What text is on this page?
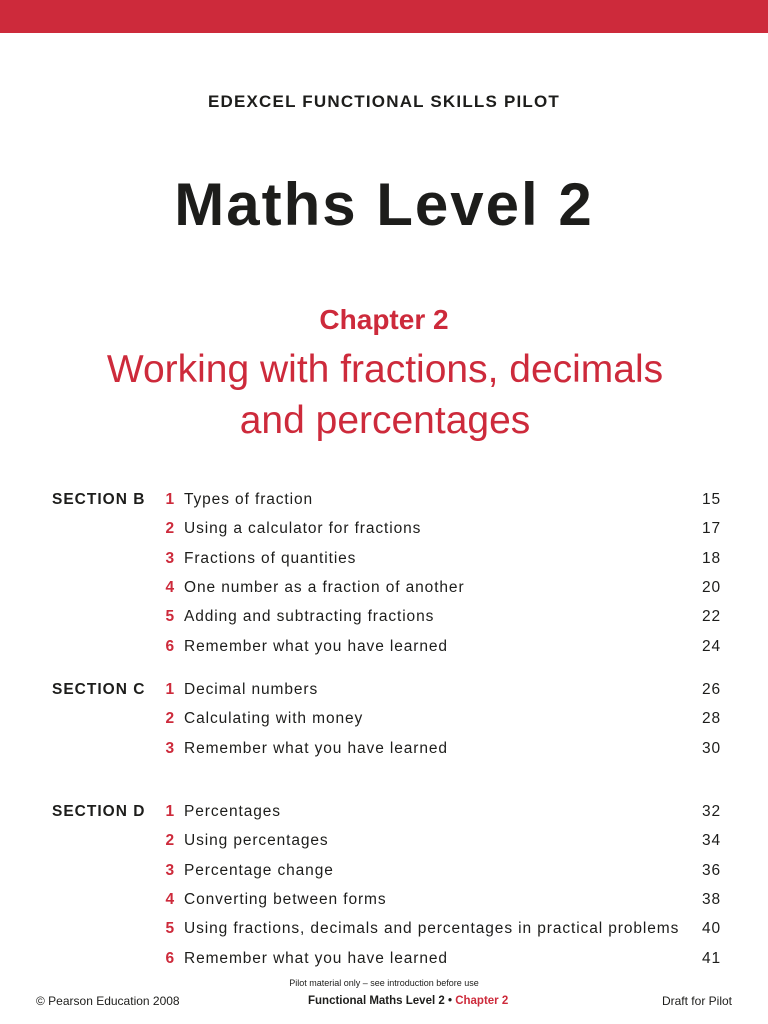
EDEXCEL FUNCTIONAL SKILLS PILOT
Maths Level 2
Chapter 2
Working with fractions, decimals
and percentages
SECTION B 1 Types of fraction	15
2 Using a calculator for fractions	17
3 Fractions of quantities	18
4 One number as a fraction of another	20
5 Adding and subtracting fractions	22
6 Remember what you have learned	24
SECTION C 1 Decimal numbers	26
2 Calculating with money	28
3 Remember what you have learned	30
SECTION D 1 Percentages	32
2 Using percentages	34
3 Percentage change	36
4 Converting between forms	38
5 Using fractions, decimals and percentages in practical problems 40
6 Remember what you have learned	41
Pilot material only – see introduction before use
© Pearson Education 2008	Functional Maths Level 2 • Chapter 2	Draft for Pilot
